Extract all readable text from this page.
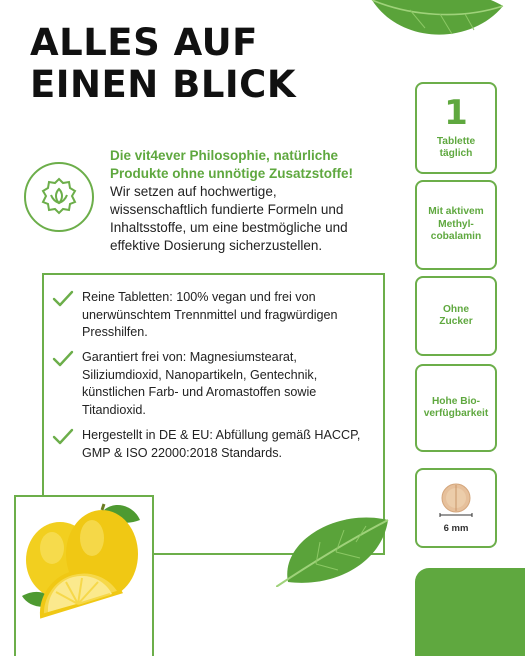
ALLES AUF
EINEN BLICK

Die vit4ever Philosophie, natürliche Produkte ohne unnötige Zusatzstoffe!

Wir setzen auf hochwertige, wissenschaftlich fundierte Formeln und Inhaltsstoffe, um eine bestmögliche und effektive Dosierung sicherzustellen.

Reine Tabletten: 100% vegan und frei von unerwünschtem Trennmittel und fragwürdigen Presshilfen.
Garantiert frei von: Magnesiumstearat, Siliziumdioxid, Nanopartikeln, Gentechnik, künstlichen Farb- und Aromastoffen sowie Titandioxid.
Hergestellt in DE & EU: Abfüllung gemäß HACCP, GMP & ISO 22000:2018 Standards.
1
Tablette
täglich
Mit aktivem
Methyl-
cobalamin
Ohne
Zucker
Hohe Bio-
verfügbarkeit
6 mm
